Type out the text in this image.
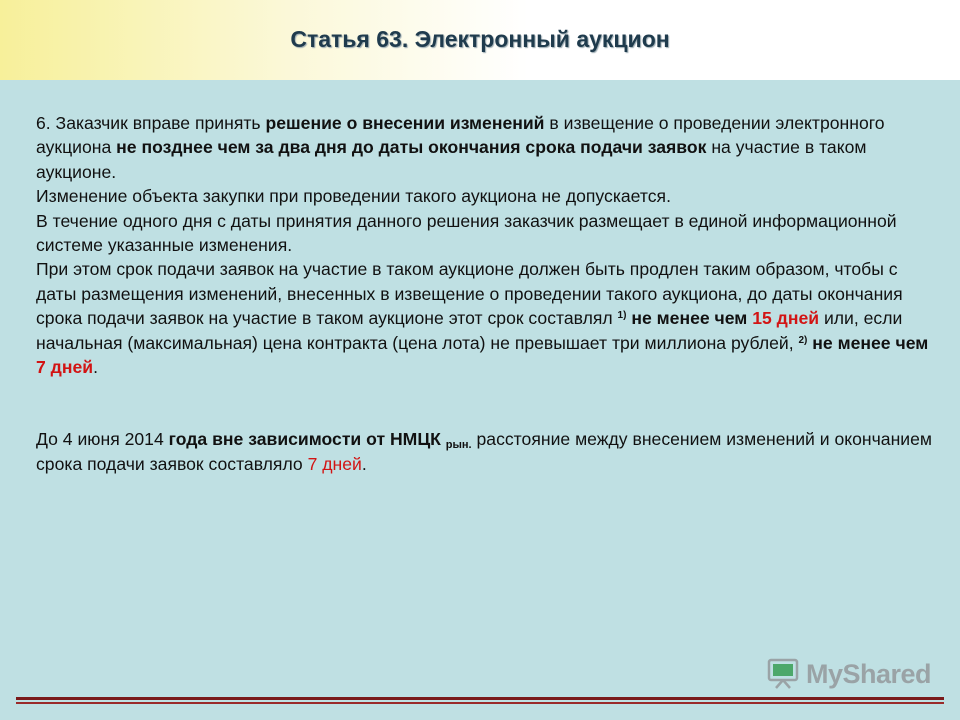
Статья 63. Электронный аукцион

6. Заказчик вправе принять решение о внесении изменений в извещение о проведении электронного аукциона не позднее чем за два дня до даты окончания срока подачи заявок на участие в таком аукционе.

Изменение объекта закупки при проведении такого аукциона не допускается.

В течение одного дня с даты принятия данного решения заказчик размещает в единой информационной системе указанные изменения.

При этом срок подачи заявок на участие в таком аукционе должен быть продлен таким образом, чтобы с даты размещения изменений, внесенных в извещение о проведении такого аукциона, до даты окончания срока подачи заявок на участие в таком аукционе этот срок составлял $^{1)}$ не менее чем 15 дней или, если начальная (максимальная) цена контракта (цена лота) не превышает три миллиона рублей, $^{2)}$ не менее чем 7 дней.

До 4 июня 2014 года вне зависимости от НМЦК $_{рын.}$ расстояние между внесением изменений и окончанием срока подачи заявок составляло 7 дней.

MyShared
